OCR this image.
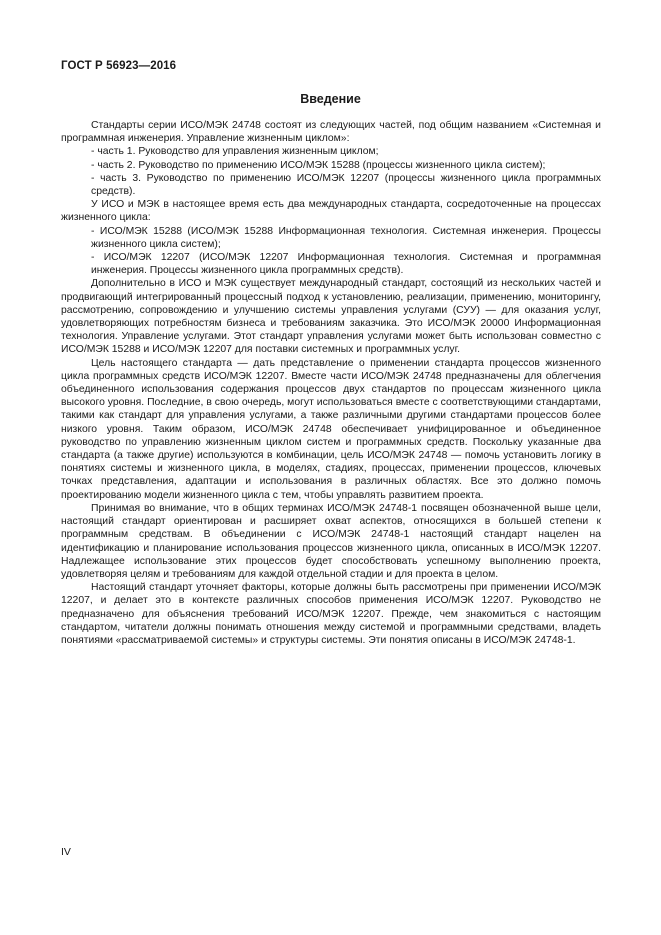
ГОСТ Р 56923—2016
Введение

Стандарты серии ИСО/МЭК 24748 состоят из следующих частей, под общим названием «Системная и программная инженерия. Управление жизненным циклом»:

- часть 1. Руководство для управления жизненным циклом;

- часть 2. Руководство по применению ИСО/МЭК 15288 (процессы жизненного цикла систем);

- часть 3. Руководство по применению ИСО/МЭК 12207 (процессы жизненного цикла программных средств).

У ИСО и МЭК в настоящее время есть два международных стандарта, сосредоточенные на процессах жизненного цикла:

- ИСО/МЭК 15288 (ИСО/МЭК 15288 Информационная технология. Системная инженерия. Процессы жизненного цикла систем);

- ИСО/МЭК 12207 (ИСО/МЭК 12207 Информационная технология. Системная и программная инженерия. Процессы жизненного цикла программных средств).

Дополнительно в ИСО и МЭК существует международный стандарт, состоящий из нескольких частей и продвигающий интегрированный процессный подход к установлению, реализации, применению, мониторингу, рассмотрению, сопровождению и улучшению системы управления услугами (СУУ) — для оказания услуг, удовлетворяющих потребностям бизнеса и требованиям заказчика. Это ИСО/МЭК 20000 Информационная технология. Управление услугами. Этот стандарт управления услугами может быть использован совместно с ИСО/МЭК 15288 и ИСО/МЭК 12207 для поставки системных и программных услуг.

Цель настоящего стандарта — дать представление о применении стандарта процессов жизненного цикла программных средств ИСО/МЭК 12207. Вместе части ИСО/МЭК 24748 предназначены для облегчения объединенного использования содержания процессов двух стандартов по процессам жизненного цикла высокого уровня. Последние, в свою очередь, могут использоваться вместе с соответствующими стандартами, такими как стандарт для управления услугами, а также различными другими стандартами процессов более низкого уровня. Таким образом, ИСО/МЭК 24748 обеспечивает унифицированное и объединенное руководство по управлению жизненным циклом систем и программных средств. Поскольку указанные два стандарта (а также другие) используются в комбинации, цель ИСО/МЭК 24748 — помочь установить логику в понятиях системы и жизненного цикла, в моделях, стадиях, процессах, применении процессов, ключевых точках представления, адаптации и использования в различных областях. Все это должно помочь проектированию модели жизненного цикла с тем, чтобы управлять развитием проекта.

Принимая во внимание, что в общих терминах ИСО/МЭК 24748-1 посвящен обозначенной выше цели, настоящий стандарт ориентирован и расширяет охват аспектов, относящихся в большей степени к программным средствам. В объединении с ИСО/МЭК 24748-1 настоящий стандарт нацелен на идентификацию и планирование использования процессов жизненного цикла, описанных в ИСО/МЭК 12207. Надлежащее использование этих процессов будет способствовать успешному выполнению проекта, удовлетворяя целям и требованиям для каждой отдельной стадии и для проекта в целом.

Настоящий стандарт уточняет факторы, которые должны быть рассмотрены при применении ИСО/МЭК 12207, и делает это в контексте различных способов применения ИСО/МЭК 12207. Руководство не предназначено для объяснения требований ИСО/МЭК 12207. Прежде, чем знакомиться с настоящим стандартом, читатели должны понимать отношения между системой и программными средствами, владеть понятиями «рассматриваемой системы» и структуры системы. Эти понятия описаны в ИСО/МЭК 24748-1.

IV
